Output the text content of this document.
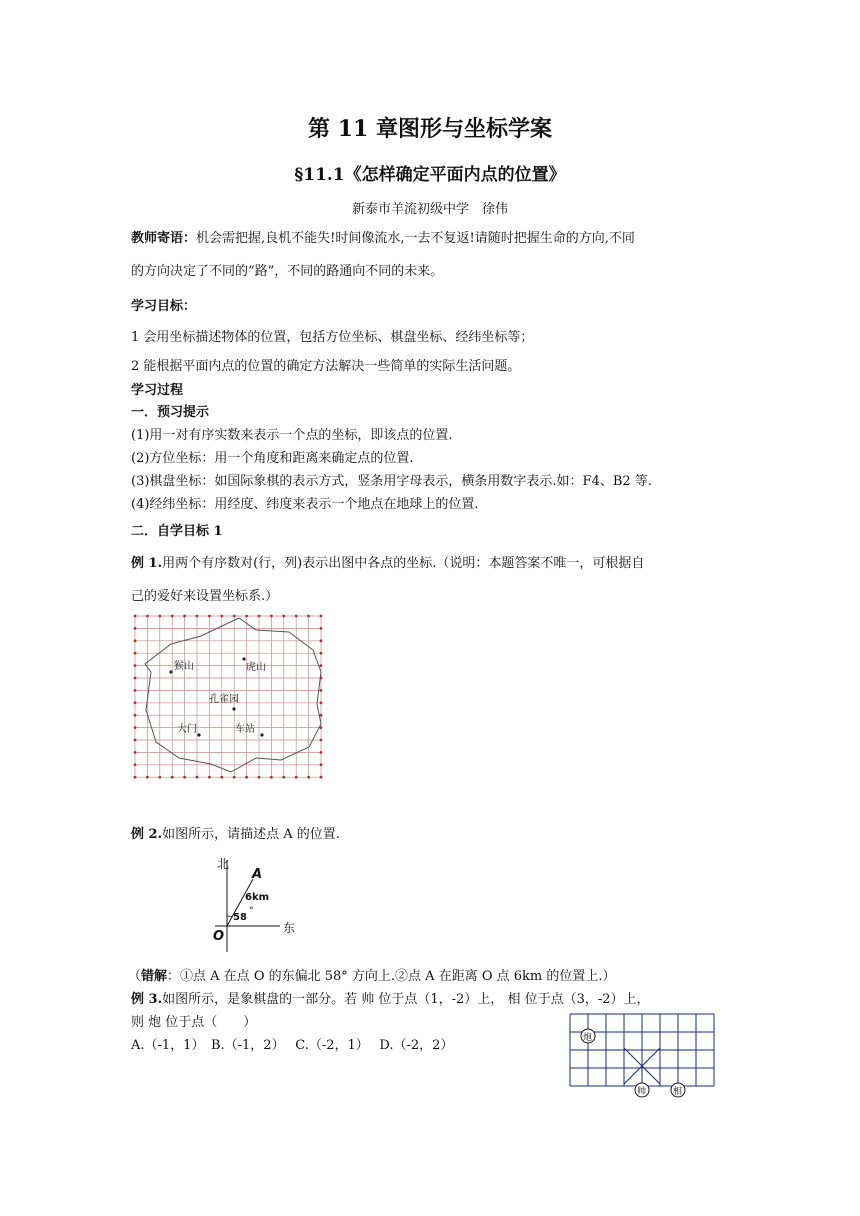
第 11 章图形与坐标学案
§11.1《怎样确定平面内点的位置》
新泰市羊流初级中学　徐伟
教师寄语：机会需把握,良机不能失!时间像流水,一去不复返!请随时把握生命的方向,不同
的方向决定了不同的“路”，不同的路通向不同的未来。
学习目标：
1 会用坐标描述物体的位置，包括方位坐标、棋盘坐标、经纬坐标等；
2 能根据平面内点的位置的确定方法解决一些简单的实际生活问题。
学习过程
一．预习提示
(1)用一对有序实数来表示一个点的坐标，即该点的位置.
(2)方位坐标：用一个角度和距离来确定点的位置.
(3)棋盘坐标：如国际象棋的表示方式，竖条用字母表示，横条用数字表示.如：F4、B2 等.
(4)经纬坐标：用经度、纬度来表示一个地点在地球上的位置.
二．自学目标 1
例 1.用两个有序数对(行，列)表示出图中各点的坐标.（说明：本题答案不唯一，可根据自
己的爱好来设置坐标系.）
猴山	虎山
孔雀园
大门	车站
例 2.如图所示，请描述点 A 的位置.
北
东
O
A
6km
58
°
（错解：①点 A 在点 O 的东偏北 58° 方向上.②点 A 在距离 O 点 6km 的位置上.）
例 3.如图所示，是象棋盘的一部分。若 帅 位于点（1，-2）上， 相 位于点（3，-2）上，
则 炮 位于点（　　）
A.（-1，1）　B.（-1，2）　 C.（-2，1）　 D.（-2，2）	炮
帅	相
